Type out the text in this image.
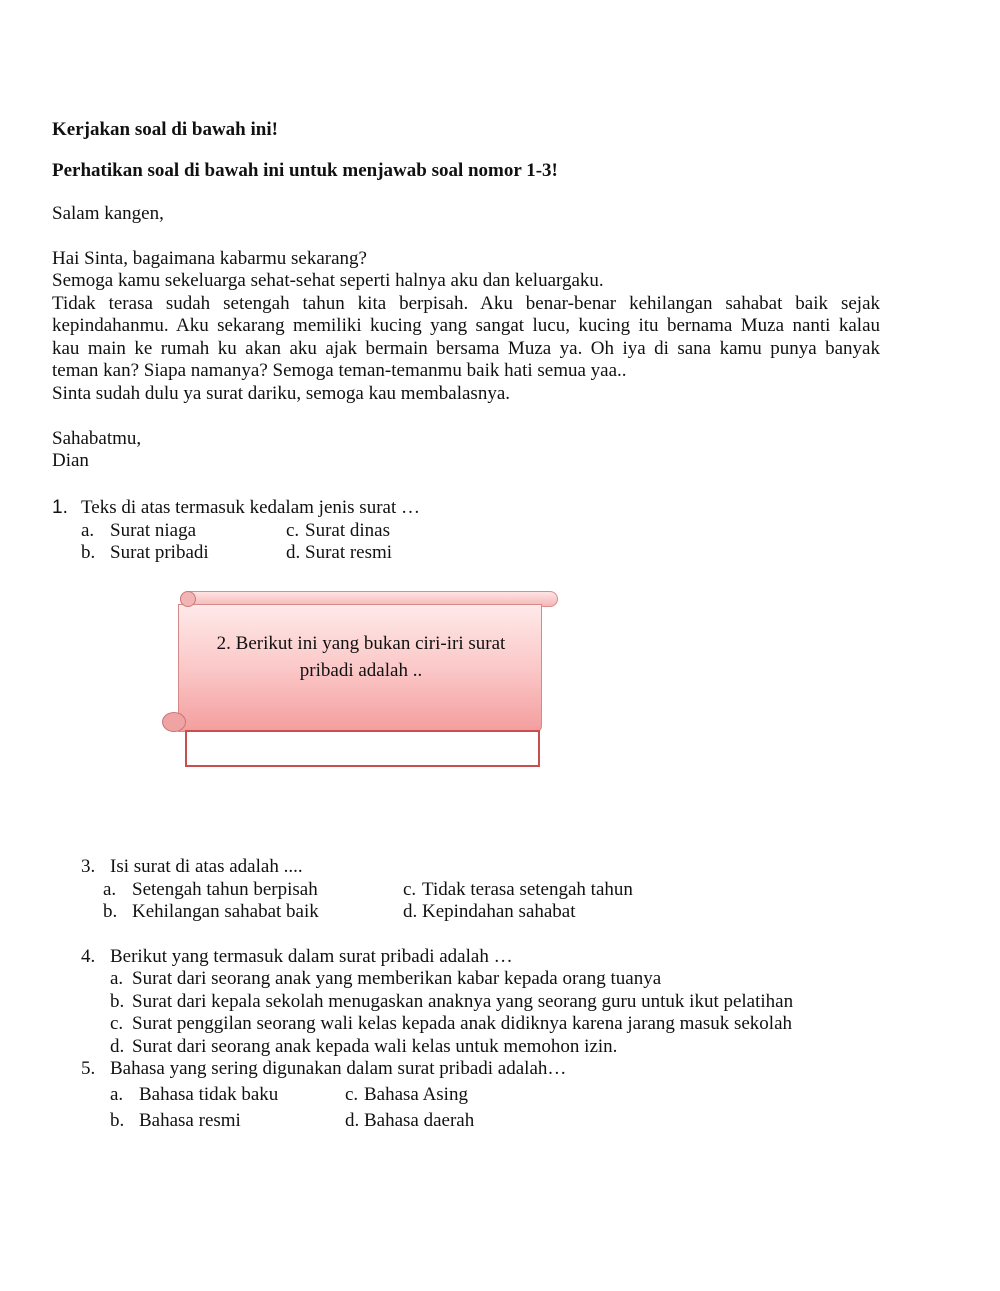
Kerjakan soal di bawah ini!
Perhatikan soal di bawah ini untuk menjawab soal nomor 1-3!
Salam kangen,
Hai Sinta, bagaimana kabarmu sekarang?
Semoga kamu sekeluarga sehat-sehat seperti halnya aku dan keluargaku.
Tidak terasa sudah setengah tahun kita berpisah. Aku benar-benar kehilangan sahabat baik sejak
kepindahanmu. Aku sekarang memiliki kucing yang sangat lucu, kucing itu bernama Muza nanti kalau
kau main ke rumah ku akan aku ajak bermain bersama Muza ya. Oh iya di sana kamu punya banyak
teman kan? Siapa namanya? Semoga teman-temanmu baik hati semua yaa..
Sinta sudah dulu ya surat dariku, semoga kau membalasnya.
Sahabatmu,
Dian
1. Teks di atas termasuk kedalam jenis surat …
a. Surat niaga	c. Surat dinas
b. Surat pribadi	d. Surat resmi
2. Berikut ini yang bukan ciri-iri surat
pribadi adalah ..
3. Isi surat di atas adalah ....
a. Setengah tahun berpisah	c. Tidak terasa setengah tahun
b. Kehilangan sahabat baik	d. Kepindahan sahabat
4. Berikut yang termasuk dalam surat pribadi adalah …
a. Surat dari seorang anak yang memberikan kabar kepada orang tuanya
b. Surat dari kepala sekolah menugaskan anaknya yang seorang guru untuk ikut pelatihan
c. Surat penggilan seorang wali kelas kepada anak didiknya karena jarang masuk sekolah
d. Surat dari seorang anak kepada wali kelas untuk memohon izin.
5. Bahasa yang sering digunakan dalam surat pribadi adalah…
a. Bahasa tidak baku	c. Bahasa Asing
b. Bahasa resmi	d. Bahasa daerah
